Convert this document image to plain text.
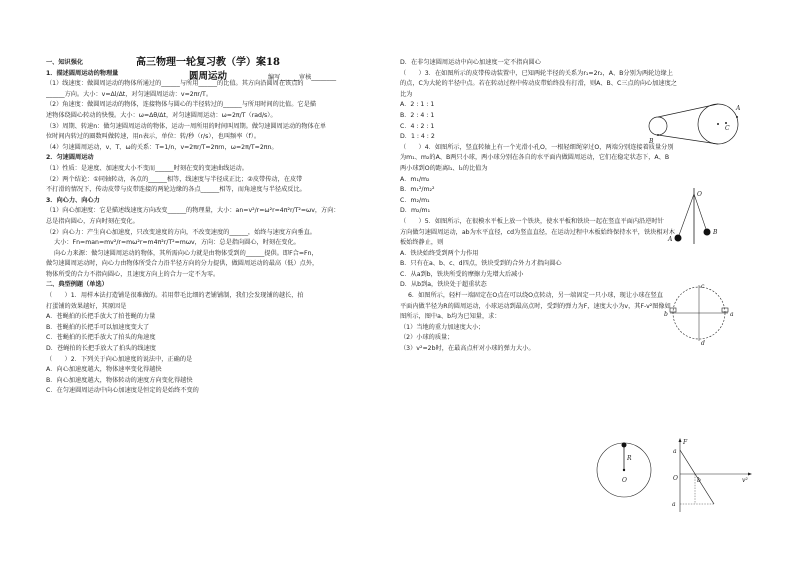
高三物理一轮复习教（学）案18
圆周运动	编写______审核________
一、知识强化
1．描述圆周运动的物理量
（1）线速度：做圆周运动的物体所通过的______与所用______的比值。其方向沿圆周在该点的
______方向。大小：v=Δl/Δt，对匀速圆周运动：v=2πr/T。
（2）角速度：做圆周运动的物体，连接物体与圆心的半径转过的______与所用时间的比值。它是描
述物体绕圆心转动的快慢。大小：ω=Δθ/Δt，对匀速圆周运动：ω=2π/T（rad/s）。
（3）周期、转速n：做匀速圆周运动的物体，运动一周所用的时间叫周期。做匀速圆周运动的物体在单
位时间内转过的圈数叫做转速，用n表示，单位：转/秒（r/s），也叫频率（f）。
（4）匀速圆周运动，v、T、ω的关系：T=1/n，v=2πr/T=2πrn，ω=2π/T=2πn。
2．匀速圆周运动
（1）性质：是速度、加速度大小不变而______时刻在变的变速曲线运动。
（2）两个结论：①同轴转动，各点的______相等，线速度与半径成正比；②皮带传动，在皮带
不打滑的情况下，传动皮带与皮带连接的两轮边缘的各点______相等，而角速度与半径成反比。
3．向心力、向心力
（1）向心加速度：它是描述线速度方向改变______的物理量，大小：an=v²/r=ω²r=4π²r/T²=ωv，方向：
总是指向圆心，方向时刻在变化。
（2）向心力：产生向心加速度，只改变速度的方向，不改变速度的______，始终与速度方向垂直。
大小：Fn=man=mv²/r=mω²r=m4π²r/T²=mωv，方向：总是指向圆心，时刻在变化。
向心力来源：做匀速圆周运动的物体，其所需向心力就是由物体受到的______提供。即F合=Fn，
做匀速圆周运动时，向心力由物体所受合力沿半径方向的分力提供，做圆周运动的最高（低）点外，
物体所受的合力不指向圆心，且速度方向上的合力一定不为零。
二、典型例题（单选）
（　　）1．用样本法打造铺是很难做的。若用带毛比细的老铺铺制，我们会发现铺的越长，拍
打蛋铺的效果越好，其原因是
A．苍蝇拍的长把手放大了拍苍蝇的力量
B．苍蝇拍的长把手可以加速度变大了
C．苍蝇拍的长把手放大了拍头的角速度
D．苍蝇拍的长把手放大了拍头的线速度
（　　）2．下列关于向心加速度的说法中，正确的是
A．向心加速度越大，物体速率变化得越快
B．向心加速度越大，物体转动的速度方向变化得越快
C．在匀速圆周运动中向心加速度是恒定的是始终不变的
D．在非匀速圆周运动中向心加速度一定不指向圆心
（　　）3．在如图所示的皮带传动装置中，已知两轮半径的关系为r₁=2r₂，A、B分别为两轮边缘上
的点，C为大轮的半径中点。若在转动过程中传动皮带始终没有打滑，则A、B、C三点的向心加速度之
比为
A．2 : 1 : 1
B．2 : 4 : 1
C．4 : 2 : 1
D．1 : 4 : 2
（　　）4．如图所示，竖直转轴上有一个光滑小孔O，一根轻细绳穿过O，两端分别连接着质量分别
为m₁、m₂的A、B两只小球，两小球分别在各自的水平面内做圆周运动，它们在稳定状态下，A、B
两小球到O的距离l₁、l₂的比值为
A．m₁/m₂
B．m₁²/m₂²
C．m₂/m₁
D．m₂/m₁
（　　）5．如图所示，在很模水平板上放一个铁块，使水平板和铁块一起在竖直平面内沿逆时针
方向做匀速圆周运动，ab为水平直径，cd为竖直直径，在运动过程中木板始终保持水平，铁块相对木
板始终静止，则
A．铁块始终受到两个力作用
B．只有在a、b、c、d四点，铁块受到的合外力才指向圆心
C．从a到b，铁块所受的摩擦力先增大后减小
D．从b到a，铁块处于超重状态
6．如图所示，轻杆一端固定在O点在可以绕O点转动，另一端固定一只小球，现让小球在竖直
平面内做半径为R的圆周运动，小球运动到最高点时，受到的弹力为F，速度大小为v，其F-v²图像如
图所示，图中a、b均为已知量，求：
（1）当地的重力加速度大小；
（2）小球的质量；
（3）v²=2b时，在最高点杆对小球的弹力大小。
A
C
B
O
A
B
c
b	a
d
R
O
F
a
O	b	v²
a
